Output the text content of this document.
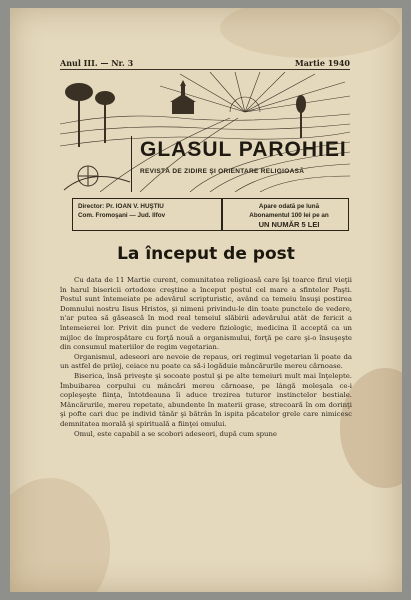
Anul III. — Nr. 3	Martie 1940
GLASUL PAROHIEI
REVISTĂ DE ZIDIRE ŞI ORIENTARE RELIGIOASĂ
Director: Pr. IOAN V. HUŞTIU
Com. Fromoşani — Jud. Ilfov
Apare odată pe lună
Abonamentul 100 lei pe an
UN NUMĂR 5 LEI
La început de post

Cu data de 11 Martie curent, comunitatea religioasă care îşi toarce firul vieţii în harul bisericii ortodoxe creştine a început postul cel mare a sfintelor Paşti. Postul sunt întemeiate pe adevărul scripturistic, având ca temeiu însuşi postirea Domnului nostru Iisus Hristos, şi nimeni privindu-le din toate punctele de vedere, n'ar putea să găsească în mod real temeiul slăbirii adevărului atât de fericit a întemeierei lor. Privit din punct de vedere fiziologic, medicina îl acceptă ca un mijloc de împrospătare cu forţă nouă a organismului, forţă pe care şi-o însuşeşte din consumul materiilor de regim vegetarian.

Organismul, adeseori are nevoie de repaus, ori regimul vegetarian îi poate da un astfel de prilej, ceiace nu poate ca să-i logăduie mâncărurile mereu cărnoase.

Biserica, însă priveşte şi socoate postul şi pe alte temeiuri mult mai înţelepte. Îmbuibarea corpului cu mâncări mereu cărnoase, pe lângă moleşala ce-i copleşeşte fiinţa, întotdeauna îi aduce trezirea tuturor instinctelor bestiale. Mâncărurile, mereu repetate, abundente în materii grase, strecoară în om dorinţi şi pofte cari duc pe individ tânăr şi bătrân în ispita păcatelor grele care nimicesc demnitatea morală şi spirituală a fiinţei omului.

Omul, este capabil a se scobori adeseori, după cum spune
